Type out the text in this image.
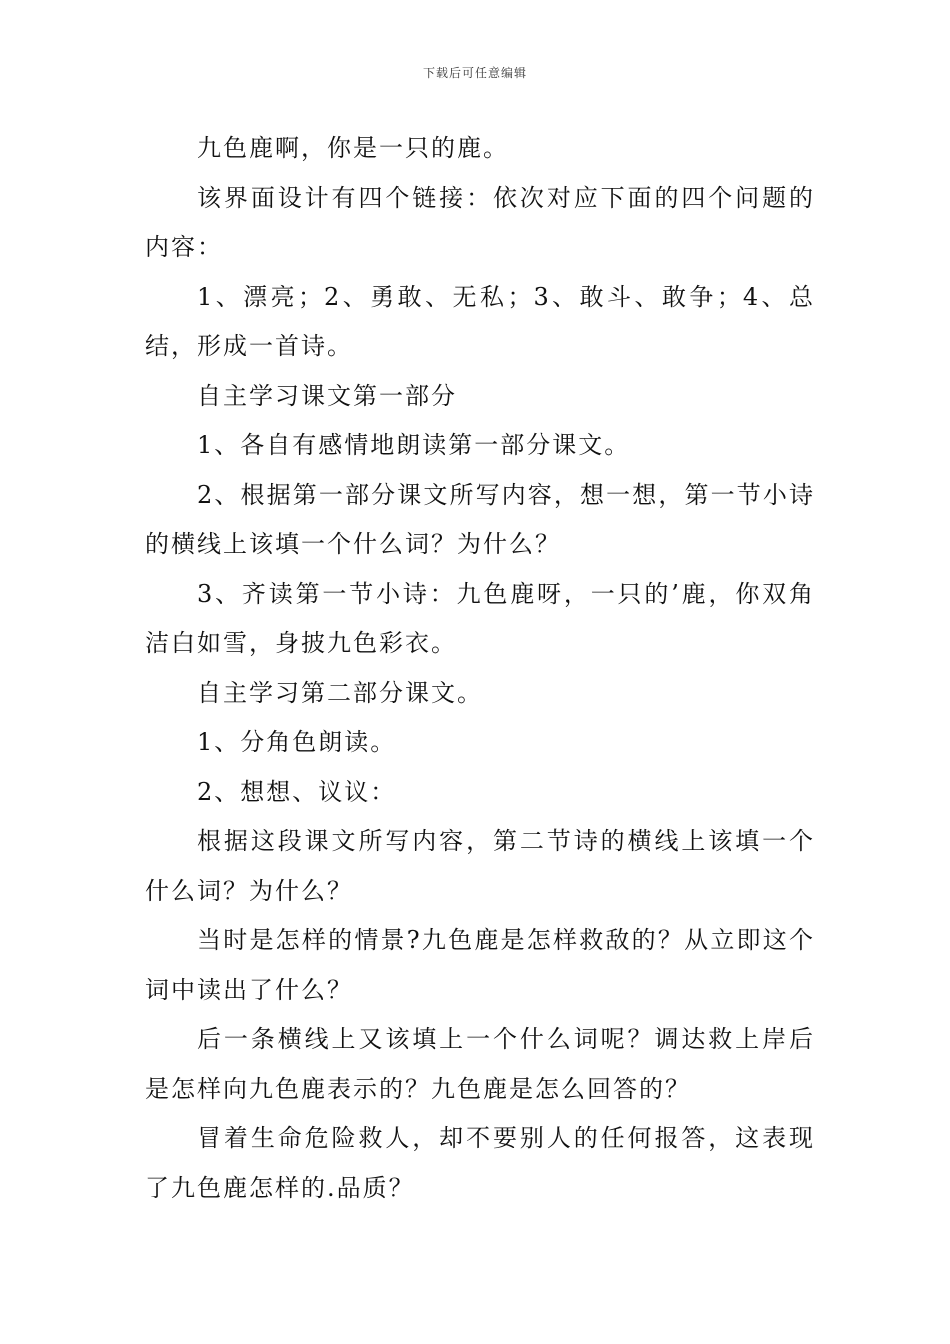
下载后可任意编辑

九色鹿啊，你是一只的鹿。

该界面设计有四个链接：依次对应下面的四个问题的内容：

1、漂亮；2、勇敢、无私；3、敢斗、敢争；4、总结，形成一首诗。

自主学习课文第一部分

1、各自有感情地朗读第一部分课文。

2、根据第一部分课文所写内容，想一想，第一节小诗的横线上该填一个什么词？为什么？

3、齐读第一节小诗：九色鹿呀，一只的’鹿，你双角洁白如雪，身披九色彩衣。

自主学习第二部分课文。

1、分角色朗读。

2、想想、议议：

根据这段课文所写内容，第二节诗的横线上该填一个什么词？为什么？

当时是怎样的情景?九色鹿是怎样救敌的？从立即这个词中读出了什么？

后一条横线上又该填上一个什么词呢？调达救上岸后是怎样向九色鹿表示的？九色鹿是怎么回答的？

冒着生命危险救人，却不要别人的任何报答，这表现了九色鹿怎样的.品质？
